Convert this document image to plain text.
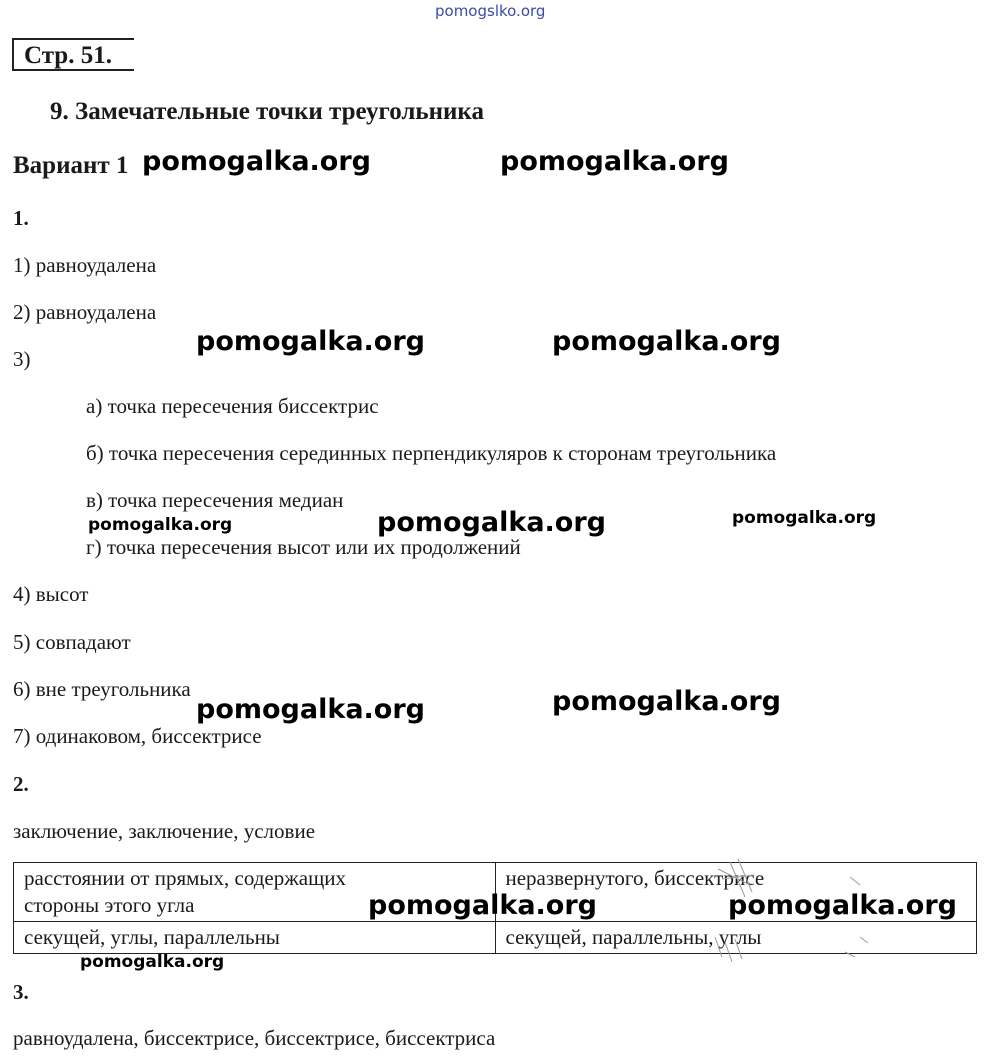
pomogslko.org
Стр. 51.
9. Замечательные точки треугольника
Вариант 1
1.
1) равноудалена
2) равноудалена
3)
а) точка пересечения биссектрис
б) точка пересечения серединных перпендикуляров к сторонам треугольника
в) точка пересечения медиан
г) точка пересечения высот или их продолжений
4) высот
5) совпадают
6) вне треугольника
7) одинаковом, биссектрисе
2.
заключение, заключение, условие
расстоянии от прямых, содержащих
стороны этого угла	неразвернутого, биссектрисе
секущей, углы, параллельны	секущей, параллельны, углы
3.
равноудалена, биссектрисе, биссектрисе, биссектриса
pomogalka.org	pomogalka.org
pomogalka.org	pomogalka.org
pomogalka.org	pomogalka.org	pomogalka.org
pomogalka.org	pomogalka.org
pomogalka.org	pomogalka.org
pomogalka.org
